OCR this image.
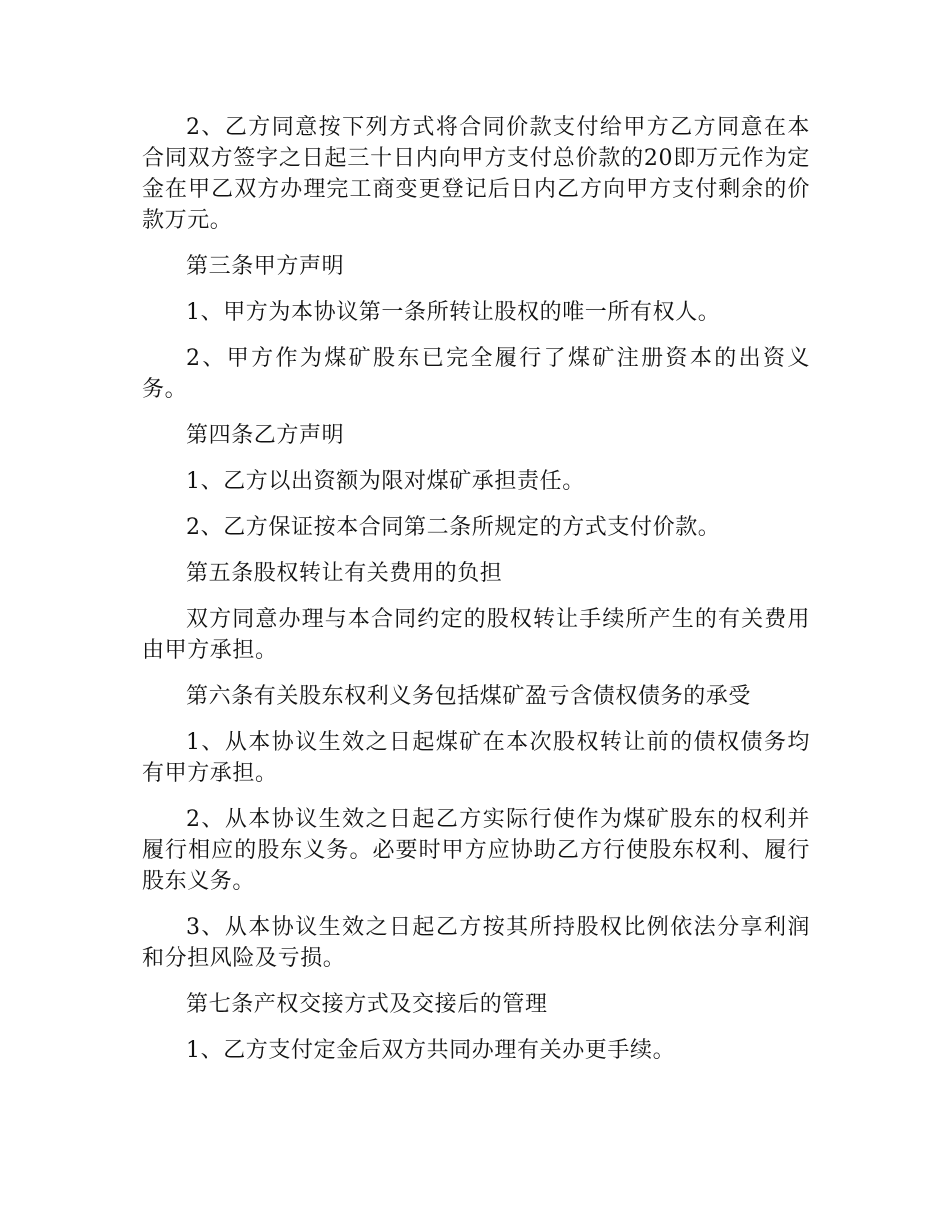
2、乙方同意按下列方式将合同价款支付给甲方乙方同意在本合同双方签字之日起三十日内向甲方支付总价款的20即万元作为定金在甲乙双方办理完工商变更登记后日内乙方向甲方支付剩余的价款万元。

第三条甲方声明

1、甲方为本协议第一条所转让股权的唯一所有权人。

2、甲方作为煤矿股东已完全履行了煤矿注册资本的出资义务。

第四条乙方声明

1、乙方以出资额为限对煤矿承担责任。

2、乙方保证按本合同第二条所规定的方式支付价款。

第五条股权转让有关费用的负担

双方同意办理与本合同约定的股权转让手续所产生的有关费用由甲方承担。

第六条有关股东权利义务包括煤矿盈亏含债权债务的承受

1、从本协议生效之日起煤矿在本次股权转让前的债权债务均有甲方承担。

2、从本协议生效之日起乙方实际行使作为煤矿股东的权利并履行相应的股东义务。必要时甲方应协助乙方行使股东权利、履行股东义务。

3、从本协议生效之日起乙方按其所持股权比例依法分享利润和分担风险及亏损。

第七条产权交接方式及交接后的管理

1、乙方支付定金后双方共同办理有关办更手续。
